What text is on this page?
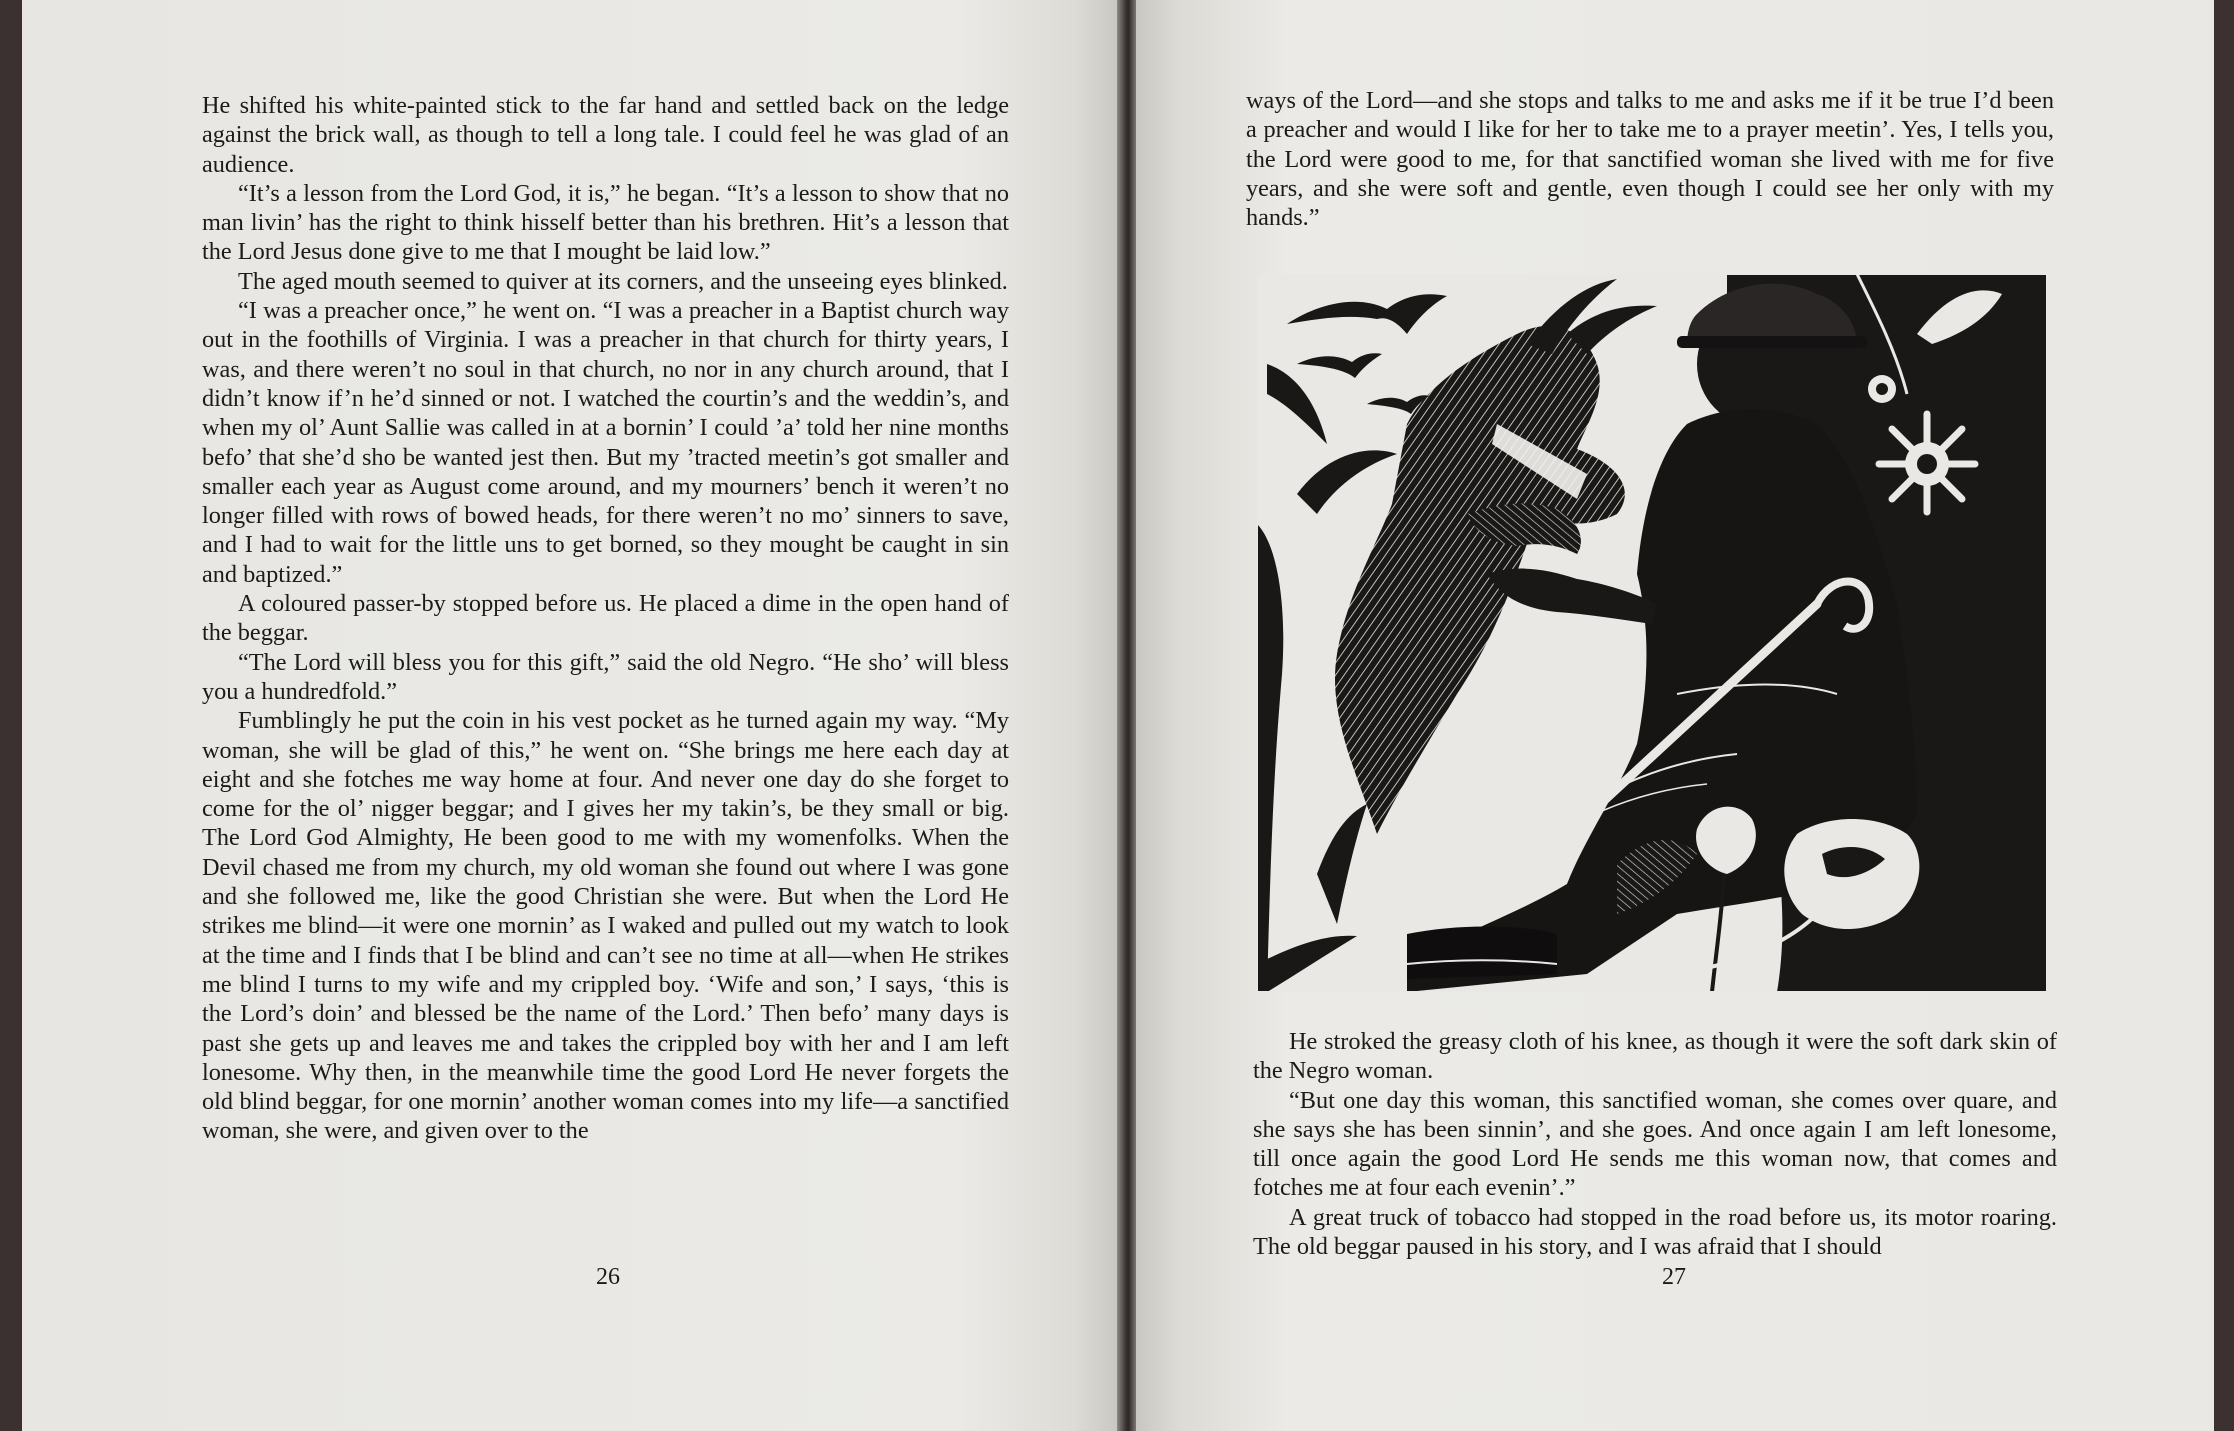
He shifted his white-painted stick to the far hand and settled back on the ledge against the brick wall, as though to tell a long tale. I could feel he was glad of an audience.

“It’s a lesson from the Lord God, it is,” he began. “It’s a lesson to show that no man livin’ has the right to think hisself better than his brethren. Hit’s a lesson that the Lord Jesus done give to me that I mought be laid low.”

The aged mouth seemed to quiver at its corners, and the unseeing eyes blinked.

“I was a preacher once,” he went on. “I was a preacher in a Baptist church way out in the foothills of Virginia. I was a preacher in that church for thirty years, I was, and there weren’t no soul in that church, no nor in any church around, that I didn’t know if’n he’d sinned or not. I watched the courtin’s and the weddin’s, and when my ol’ Aunt Sallie was called in at a bornin’ I could ’a’ told her nine months befo’ that she’d sho be wanted jest then. But my ’tracted meetin’s got smaller and smaller each year as August come around, and my mourners’ bench it weren’t no longer filled with rows of bowed heads, for there weren’t no mo’ sinners to save, and I had to wait for the little uns to get borned, so they mought be caught in sin and baptized.”

A coloured passer-by stopped before us. He placed a dime in the open hand of the beggar.

“The Lord will bless you for this gift,” said the old Negro. “He sho’ will bless you a hundredfold.”

Fumblingly he put the coin in his vest pocket as he turned again my way. “My woman, she will be glad of this,” he went on. “She brings me here each day at eight and she fotches me way home at four. And never one day do she forget to come for the ol’ nigger beggar; and I gives her my takin’s, be they small or big. The Lord God Almighty, He been good to me with my womenfolks. When the Devil chased me from my church, my old woman she found out where I was gone and she followed me, like the good Christian she were. But when the Lord He strikes me blind—it were one mornin’ as I waked and pulled out my watch to look at the time and I finds that I be blind and can’t see no time at all—when He strikes me blind I turns to my wife and my crippled boy. ‘Wife and son,’ I says, ‘this is the Lord’s doin’ and blessed be the name of the Lord.’ Then befo’ many days is past she gets up and leaves me and takes the crippled boy with her and I am left lonesome. Why then, in the meanwhile time the good Lord He never forgets the old blind beggar, for one mornin’ another woman comes into my life—a sanctified woman, she were, and given over to the

26

ways of the Lord—and she stops and talks to me and asks me if it be true I’d been a preacher and would I like for her to take me to a prayer meetin’. Yes, I tells you, the Lord were good to me, for that sanctified woman she lived with me for five years, and she were soft and gentle, even though I could see her only with my hands.”

He stroked the greasy cloth of his knee, as though it were the soft dark skin of the Negro woman.

“But one day this woman, this sanctified woman, she comes over quare, and she says she has been sinnin’, and she goes. And once again I am left lonesome, till once again the good Lord He sends me this woman now, that comes and fotches me at four each evenin’.”

A great truck of tobacco had stopped in the road before us, its motor roaring. The old beggar paused in his story, and I was afraid that I should

27
